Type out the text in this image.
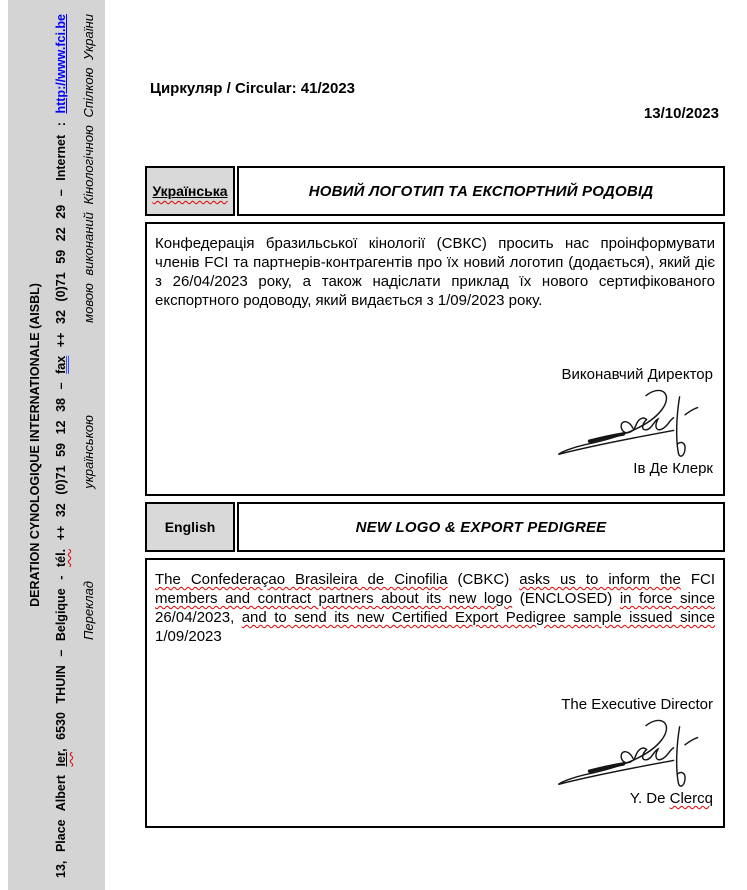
DERATION CYNOLOGIQUE INTERNATIONALE (AISBL)
13, Place Albert Ier, 6530 THUIN – Belgique - tél. ++ 32 (0)71 59 12 38 – fax ++ 32 (0)71 59 22 29 – Internet : http://www.fci.be
Переклад
українською
мовою виконаний Кінологічною Спілкою України	Циркуляр / Circular: 41/2023
13/10/2023
Українська	НОВИЙ ЛОГОТИП ТА ЕКСПОРТНИЙ РОДОВІД
Конфедерація бразильської кінології (СВКС) просить нас проінформувати членів FCI та партнерів-контрагентів про їх новий логотип (додається), який діє з 26/04/2023 року, а також надіслати приклад їх нового сертифікованого експортного родоводу, який видається з 1/09/2023 року.
Виконавчий Директор
Ів Де Клерк
English	NEW LOGO & EXPORT PEDIGREE
The Confederaçao Brasileira de Cinofilia (CBKC) asks us to inform the FCI members and contract partners about its new logo (ENCLOSED) in force since 26/04/2023, and to send its new Certified Export Pedigree sample issued since 1/09/2023
The Executive Director
Y. De Clercq
